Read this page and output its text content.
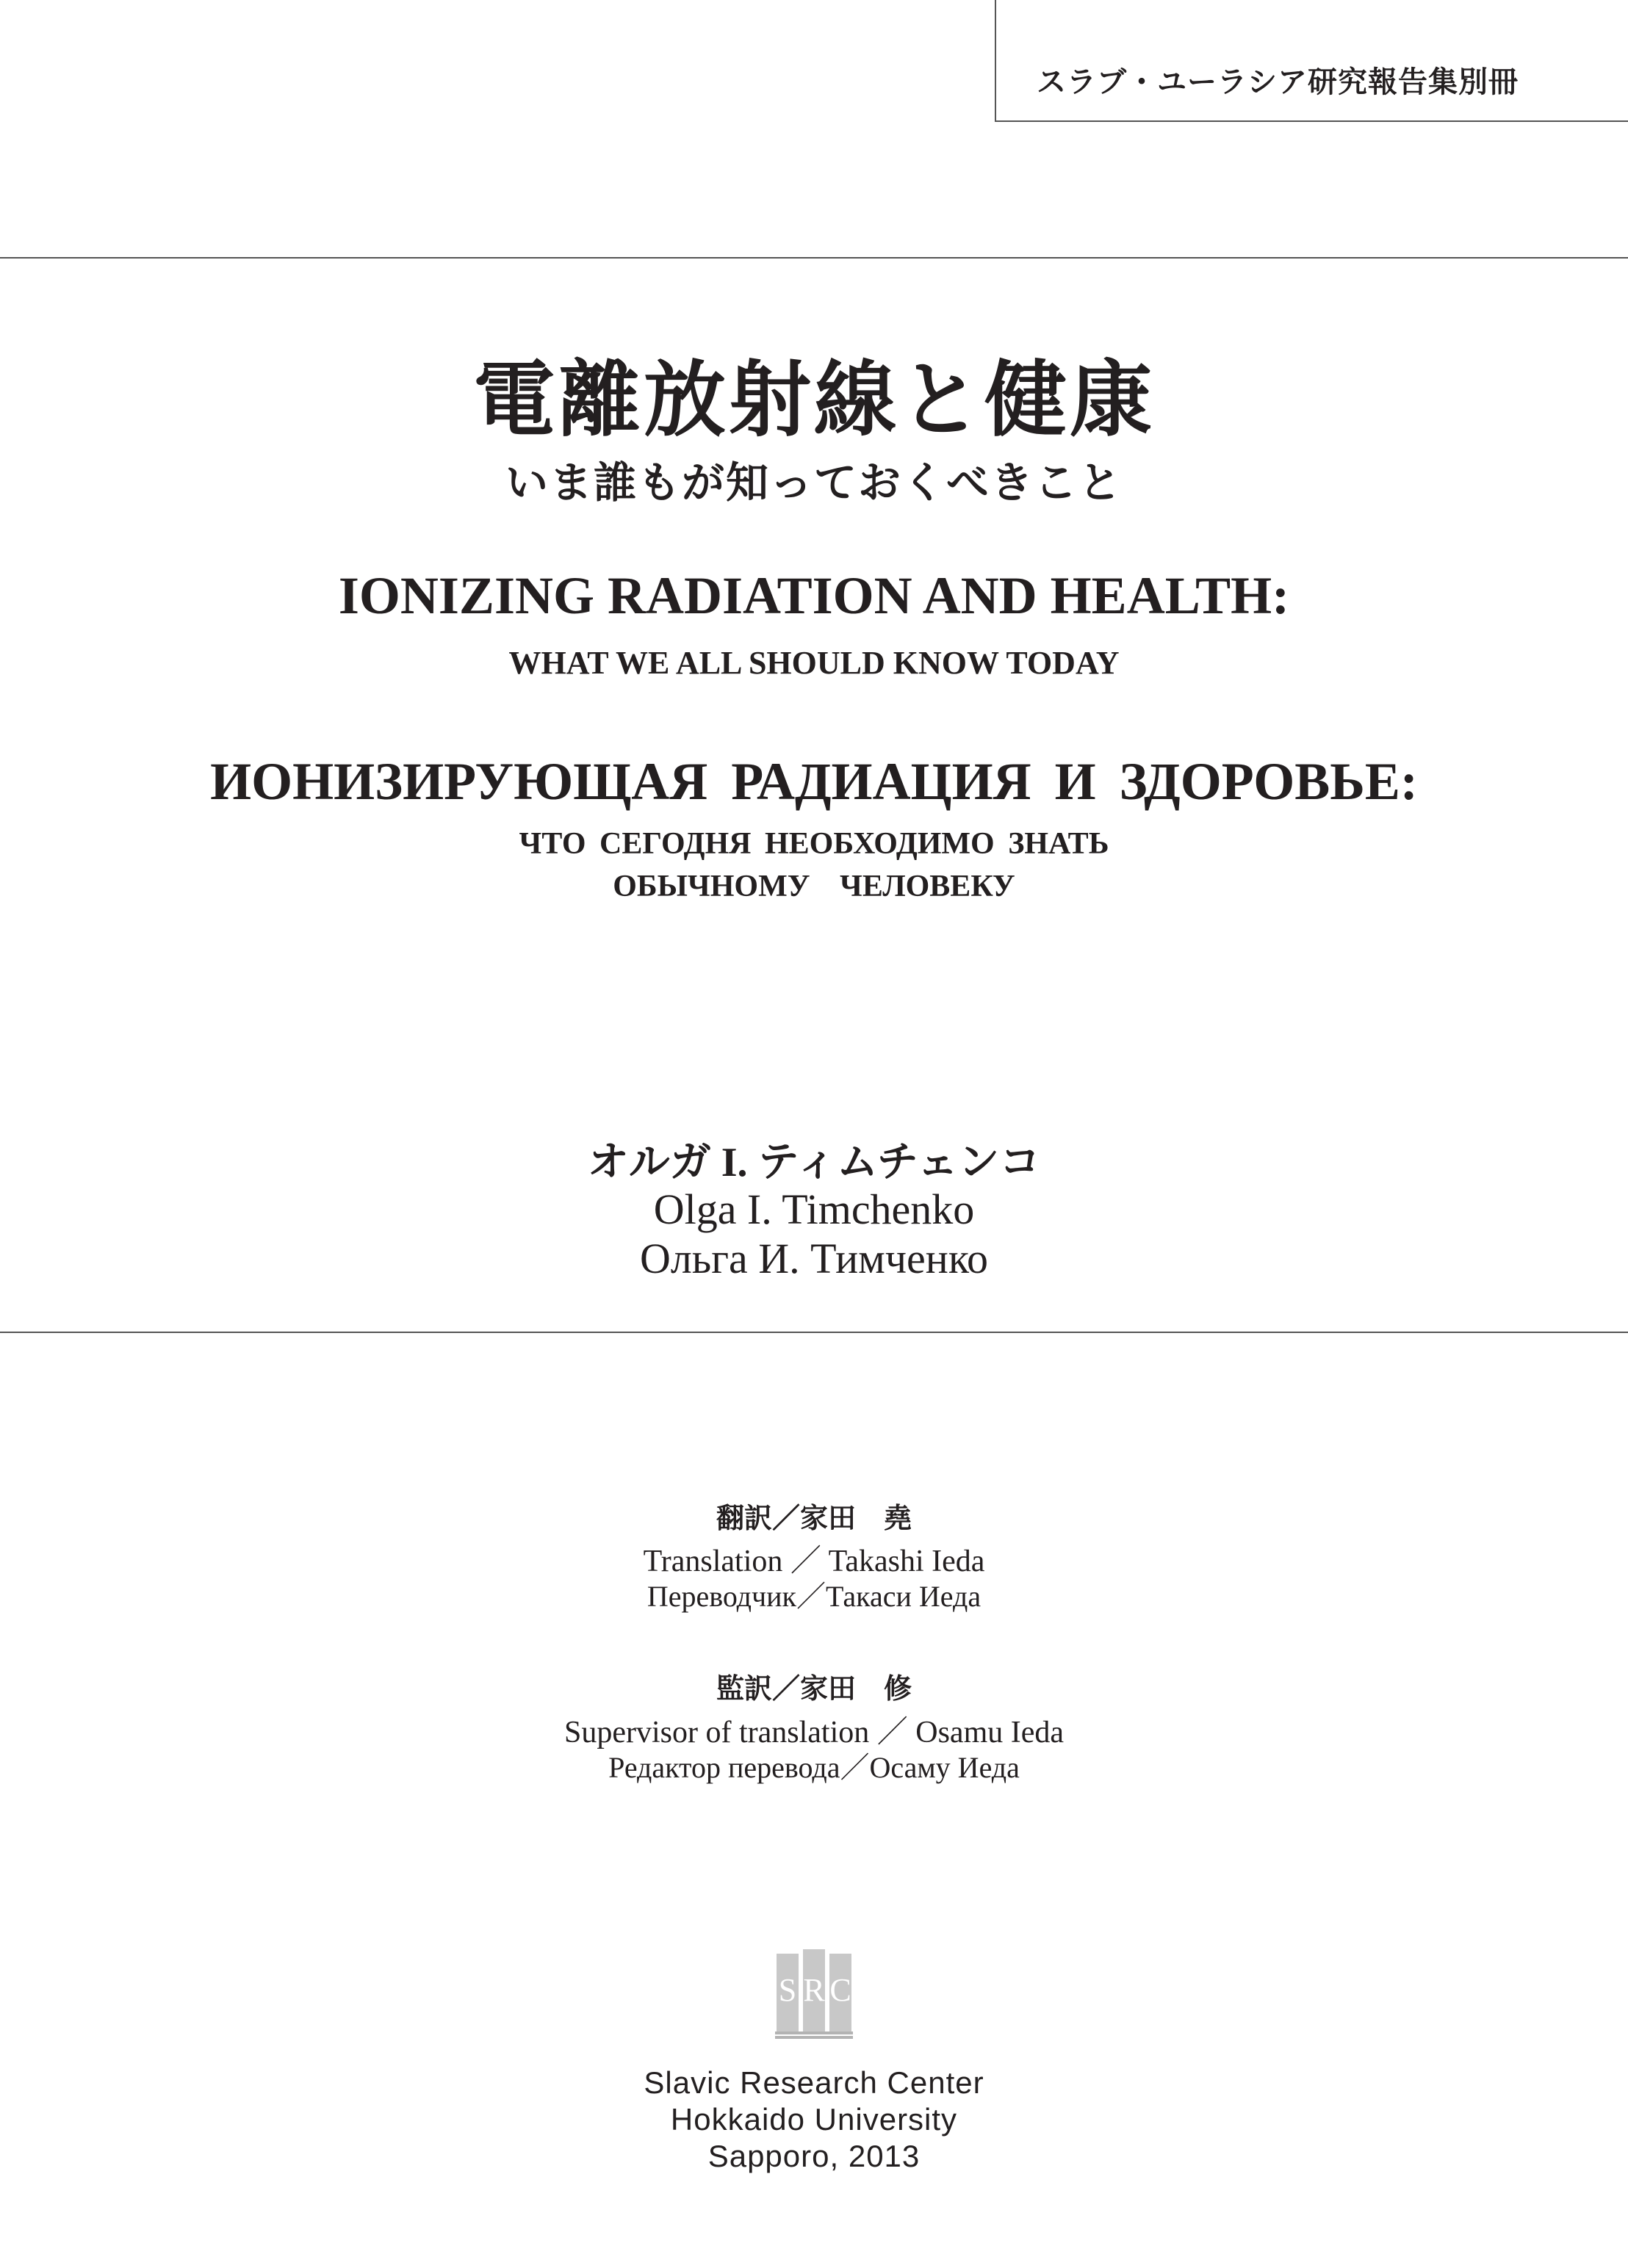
スラブ・ユーラシア研究報告集別冊
電離放射線と健康
いま誰もが知っておくべきこと
IONIZING RADIATION AND HEALTH:
WHAT WE ALL SHOULD KNOW TODAY
ИОНИЗИРУЮЩАЯ РАДИАЦИЯ И ЗДОРОВЬЕ:
ЧТО СЕГОДНЯ НЕОБХОДИМО ЗНАТЬ
ОБЫЧНОМУ ЧЕЛОВЕКУ
オルガ I. ティムチェンコ
Olga I. Timchenko
Ольга И. Тимченко
翻訳／家田　堯
Translation ／ Takashi Ieda
Переводчик／Такаси Иеда
監訳／家田　修
Supervisor of translation ／ Osamu Ieda
Редактор перевода／Осаму Иеда
S R C
Slavic Research Center
Hokkaido University
Sapporo, 2013
